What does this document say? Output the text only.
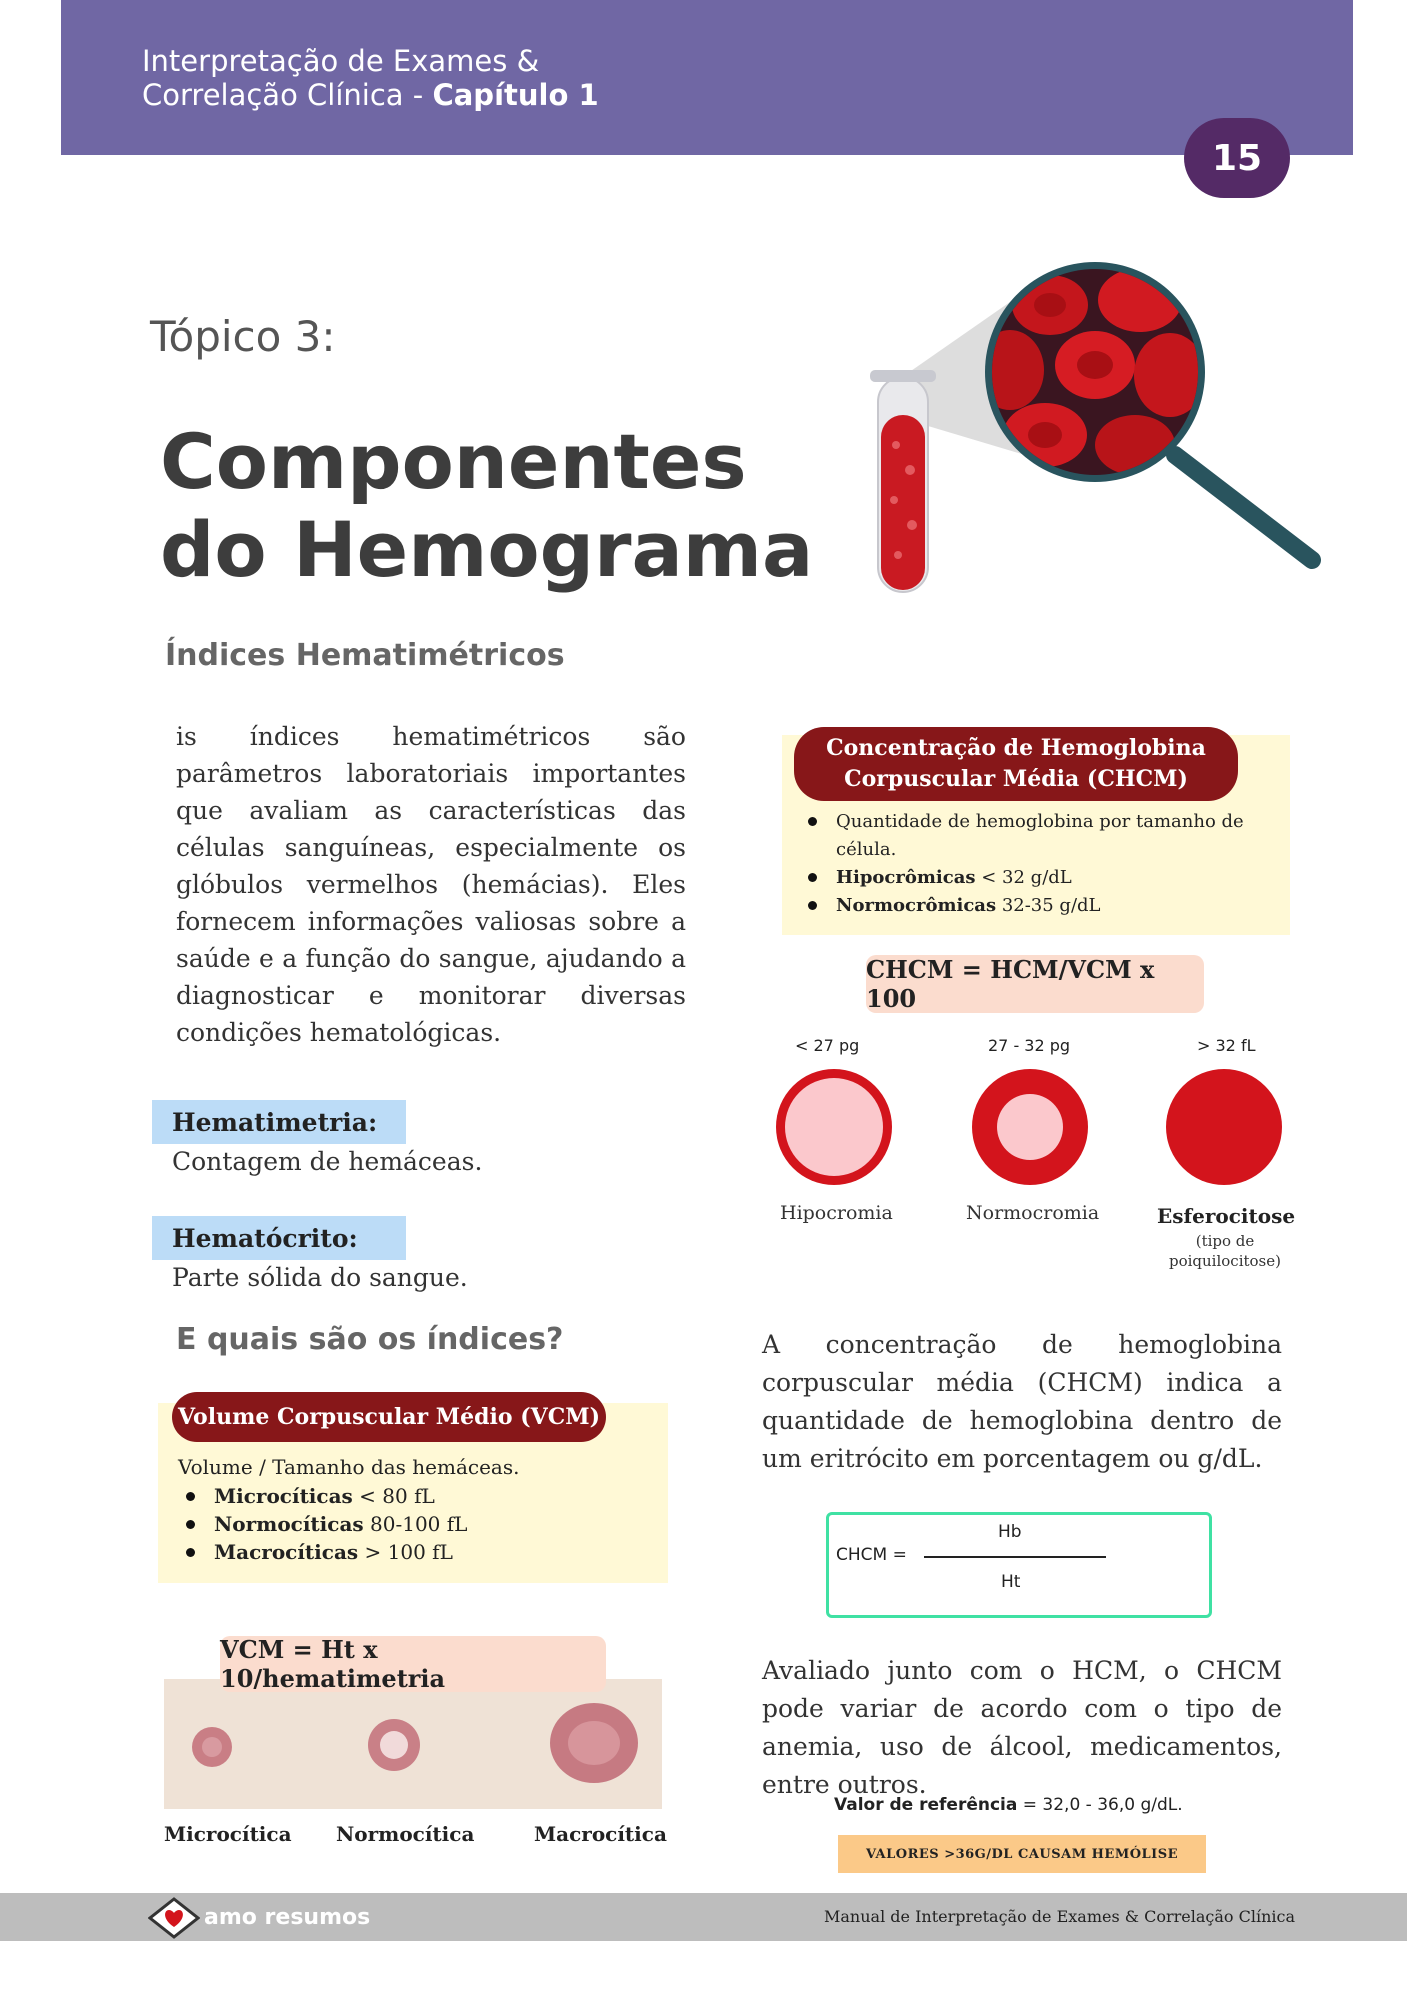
Interpretação de Exames &
Correlação Clínica - Capítulo 1
15
Tópico 3:
Componentes
do Hemograma
Índices Hematimétricos
is índices hematimétricos são parâmetros laboratoriais importantes que avaliam as características das células sanguíneas, especialmente os glóbulos vermelhos (hemácias). Eles fornecem informações valiosas sobre a saúde e a função do sangue, ajudando a diagnosticar e monitorar diversas condições hematológicas.
Hematimetria:
Contagem de hemáceas.
Hematócrito:
Parte sólida do sangue.
E quais são os índices?
Volume Corpuscular Médio (VCM)
Volume / Tamanho das hemáceas.
Microcíticas < 80 fL
Normocíticas 80-100 fL
Macrocíticas > 100 fL
VCM = Ht x 10/hematimetria
Microcítica Normocítica	Macrocítica
Concentração de Hemoglobina
Corpuscular Média (CHCM)
Quantidade de hemoglobina por tamanho de célula.
Hipocrômicas < 32 g/dL
Normocrômicas 32-35 g/dL
CHCM = HCM/VCM x 100
< 27 pg	27 - 32 pg	> 32 fL
Hipocromia	Normocromia	Esferocitose
(tipo de poiquilocitose)
A concentração de hemoglobina corpuscular média (CHCM) indica a quantidade de hemoglobina dentro de um eritrócito em porcentagem ou g/dL.
CHCM =
Hb
Ht
Avaliado junto com o HCM, o CHCM pode variar de acordo com o tipo de anemia, uso de álcool, medicamentos, entre outros.
Valor de referência = 32,0 - 36,0 g/dL.
VALORES >36G/DL CAUSAM HEMÓLISE
amo resumos	Manual de Interpretação de Exames & Correlação Clínica
